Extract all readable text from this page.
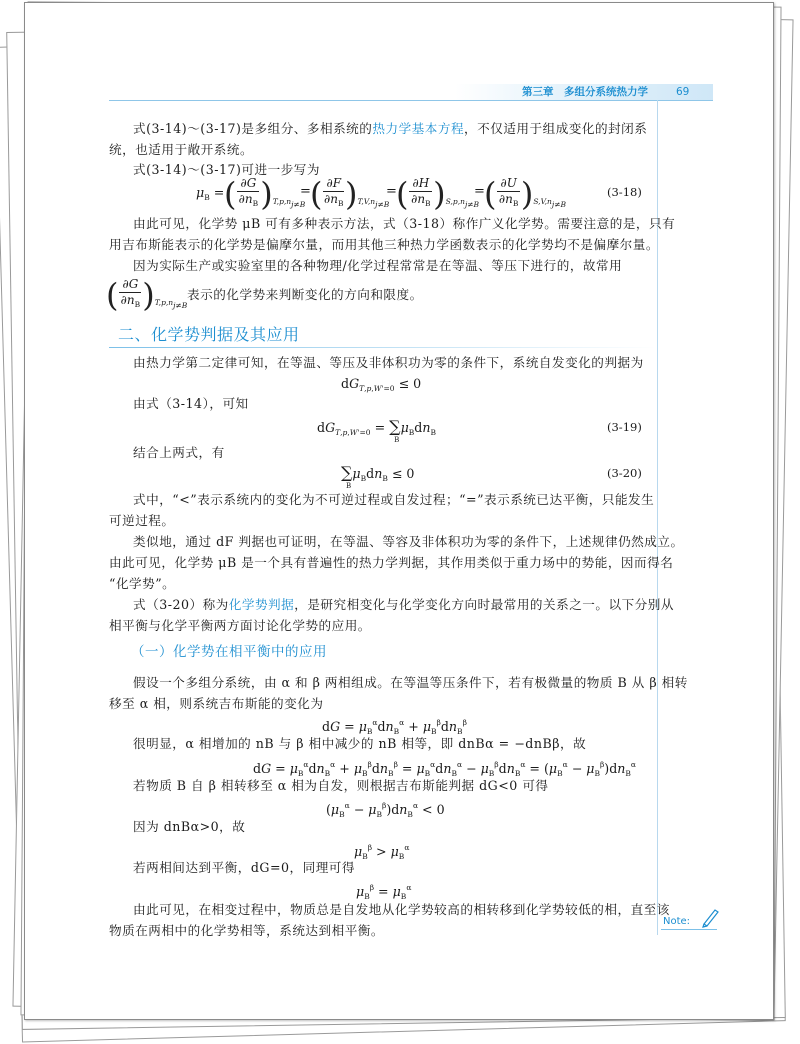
第三章　多组分系统热力学	69
式(3-14)～(3-17)是多组分、多相系统的热力学基本方程，不仅适用于组成变化的封闭系
统，也适用于敞开系统。
式(3-14)～(3-17)可进一步写为
$\mu_B$ = ( $\frac{\partial G}{\partial n_B}$ ) $T,p,n_{j\ne B}$
= ( $\frac{\partial F}{\partial n_B}$ ) $T,V,n_{j\ne B}$
= ( $\frac{\partial H}{\partial n_B}$ ) $S,p,n_{j\ne B}$
= ( $\frac{\partial U}{\partial n_B}$ ) $S,V,n_{j\ne B}$
(3-18)
由此可见，化学势 μB 可有多种表示方法，式（3-18）称作广义化学势。需要注意的是，只有
用吉布斯能表示的化学势是偏摩尔量，而用其他三种热力学函数表示的化学势均不是偏摩尔量。
因为实际生产或实验室里的各种物理/化学过程常常是在等温、等压下进行的，故常用
( $\frac{\partial G}{\partial n_B}$ ) $T,p,n_{j\ne B}$
表示的化学势来判断变化的方向和限度。
二、化学势判据及其应用
由热力学第二定律可知，在等温、等压及非体积功为零的条件下，系统自发变化的判据为
$dG_{T,p,W'=0} \le 0$
由式（3-14），可知
$dG_{T,p,W'=0}$ = ∑
B
$\mu_Bdn_B$	(3-19)
结合上两式，有
∑
B
$\mu_Bdn_B \le 0$	(3-20)
式中，“<”表示系统内的变化为不可逆过程或自发过程；“=”表示系统已达平衡，只能发生
可逆过程。
类似地，通过 dF 判据也可证明，在等温、等容及非体积功为零的条件下，上述规律仍然成立。
由此可见，化学势 μB 是一个具有普遍性的热力学判据，其作用类似于重力场中的势能，因而得名
“化学势”。
式（3-20）称为化学势判据，是研究相变化与化学变化方向时最常用的关系之一。以下分别从
相平衡与化学平衡两方面讨论化学势的应用。
（一）化学势在相平衡中的应用
假设一个多组分系统，由 α 和 β 两相组成。在等温等压条件下，若有极微量的物质 B 从 β 相转
移至 α 相，则系统吉布斯能的变化为
dG = $\mu_B^\alpha dn_B^\alpha + \mu_B^\beta dn_B^\beta$
很明显，α 相增加的 nB 与 β 相中减少的 nB 相等，即 dnBα = −dnBβ，故
dG = $\mu_B^\alpha dn_B^\alpha + \mu_B^\beta dn_B^\beta = \mu_B^\alpha dn_B^\alpha - \mu_B^\beta dn_B^\alpha = (\mu_B^\alpha - \mu_B^\beta)dn_B^\alpha$
若物质 B 自 β 相转移至 α 相为自发，则根据吉布斯能判据 dG<0 可得
$(\mu_B^\alpha - \mu_B^\beta)dn_B^\alpha < 0$
因为 dnBα>0，故
$\mu_B^\beta > \mu_B^\alpha$
若两相间达到平衡，dG=0，同理可得
$\mu_B^\beta = \mu_B^\alpha$
由此可见，在相变过程中，物质总是自发地从化学势较高的相转移到化学势较低的相，直至该
物质在两相中的化学势相等，系统达到相平衡。
Note:
